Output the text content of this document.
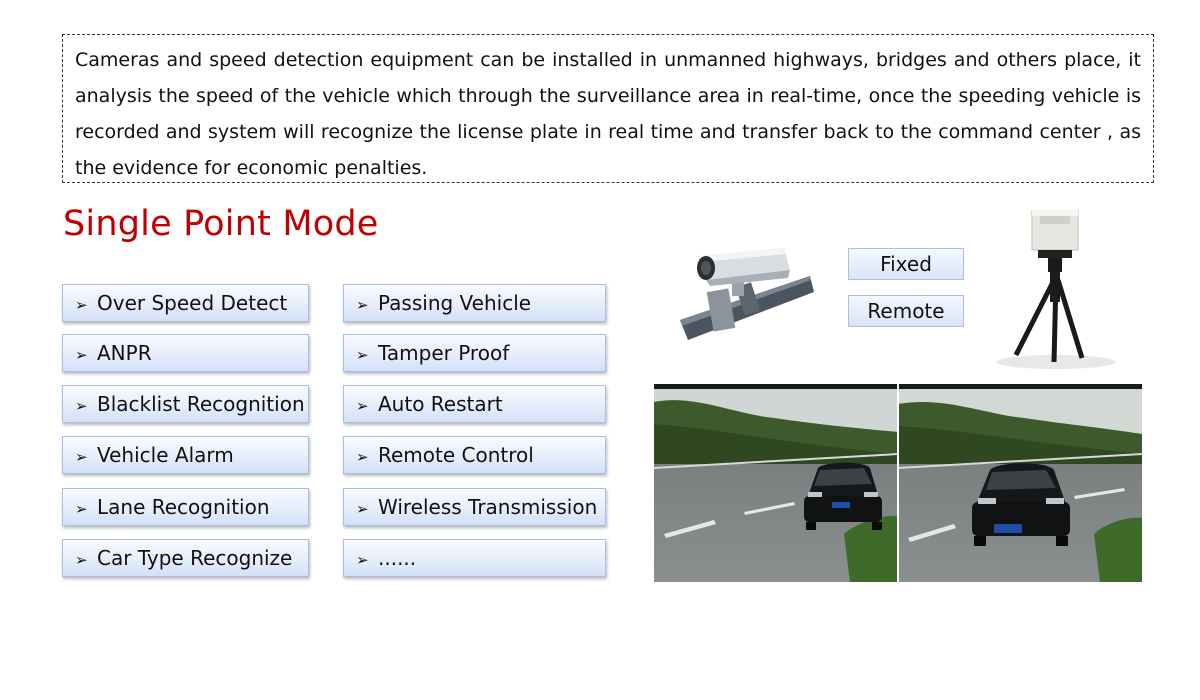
Cameras and speed detection equipment can be installed in unmanned highways, bridges and others place, it analysis the speed of the vehicle which through the surveillance area in real-time, once the speeding vehicle is recorded and system will recognize the license plate in real time and transfer back to the command center , as the evidence for economic penalties.
Single Point Mode
➢ Over Speed Detect
➢ ANPR
➢ Blacklist Recognition
➢ Vehicle Alarm
➢ Lane Recognition
➢ Car Type Recognize
➢ Passing Vehicle
➢ Tamper Proof
➢ Auto Restart
➢ Remote Control
➢ Wireless Transmission
➢ ......
Fixed
Remote
